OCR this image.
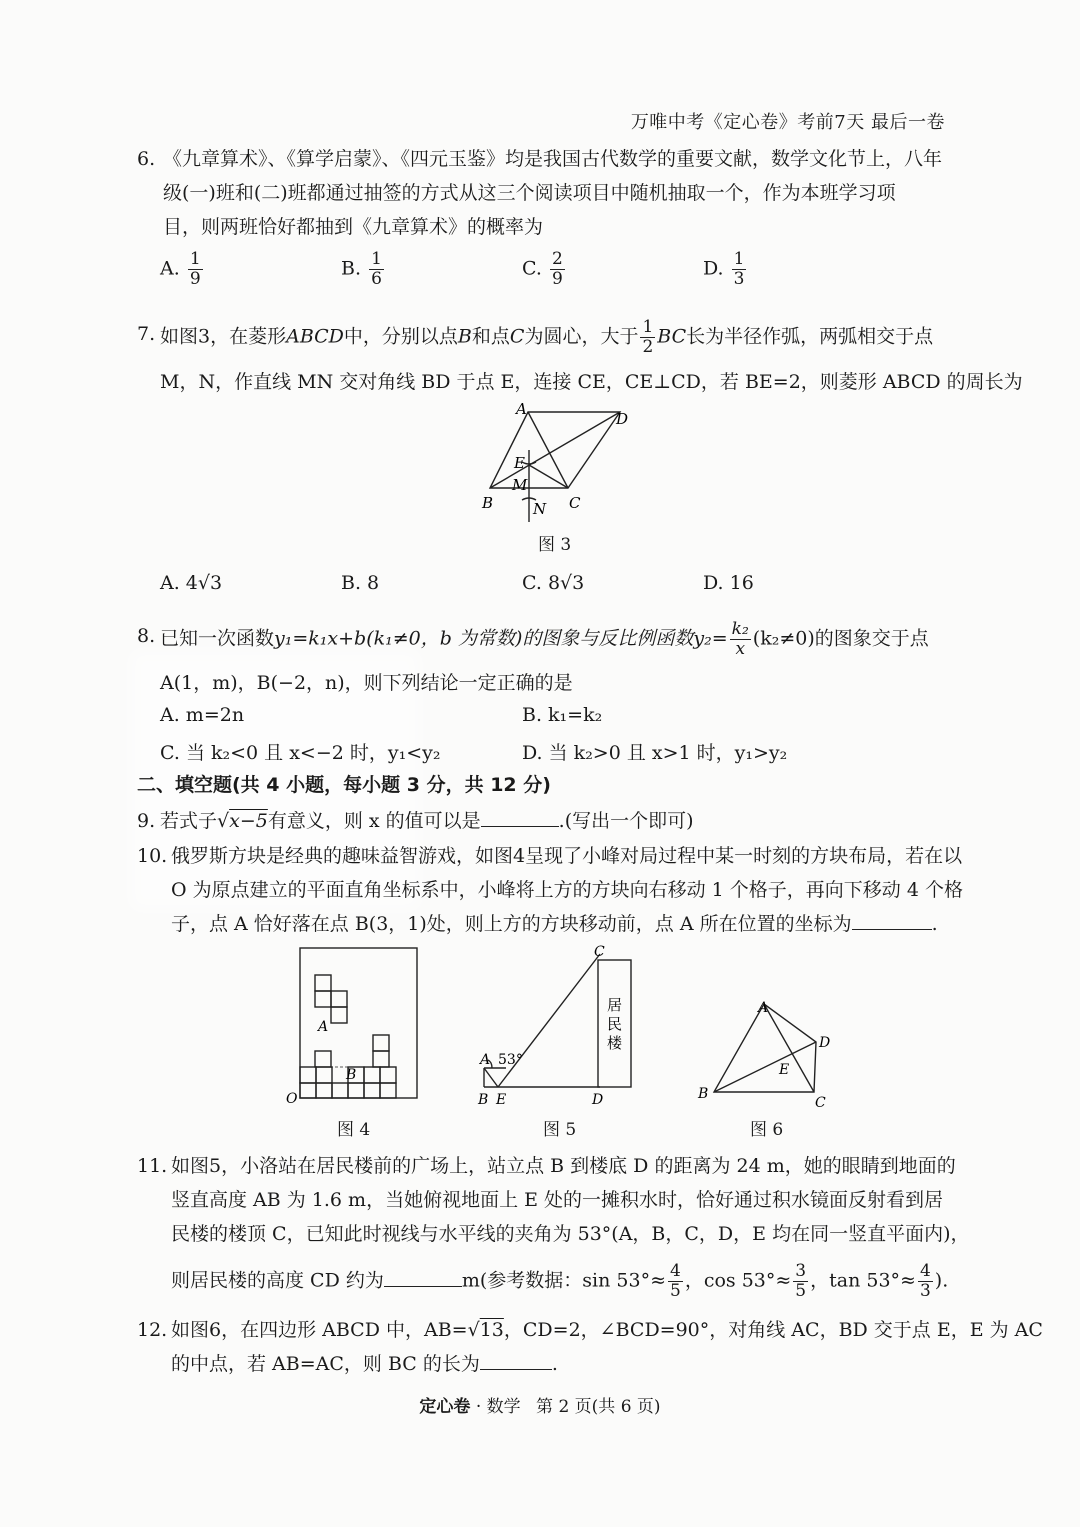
万唯中考《定心卷》考前7天 最后一卷
6. 《九章算术》、《算学启蒙》、《四元玉鉴》均是我国古代数学的重要文献，数学文化节上，八年
级(一)班和(二)班都通过抽签的方式从这三个阅读项目中随机抽取一个，作为本班学习项
目，则两班恰好都抽到《九章算术》的概率为
A. $\frac{1}{9}$	B. $\frac{1}{6}$	C. $\frac{2}{9}$	D. $\frac{1}{3}$
7. 如图3，在菱形ABCD中，分别以点B和点C为圆心，大于 $\frac{1}{2}$ BC长为半径作弧，两弧相交于点
M，N，作直线 MN 交对角线 BD 于点 E，连接 CE，CE⊥CD，若 BE=2，则菱形 ABCD 的周长为
A
D
E
M
B	N C
图 3
A. 4√3	B. 8	C. 8√3	D. 16
8. 已知一次函数y₁=k₁x+b(k₁≠0，b 为常数)的图象与反比例函数$y_2= \frac{\text{k₂}}{x} (k_2\ne 0)$的图象交于点
A(1，m)，B(−2，n)，则下列结论一定正确的是
A. m=2n	B. k₁=k₂
C. 当 k₂<0 且 x<−2 时，y₁<y₂	D. 当 k₂>0 且 x>1 时，y₁>y₂
二、填空题(共 4 小题，每小题 3 分，共 12 分)
9. 若式子√x−5有意义，则 x 的值可以是	.(写出一个即可)
10. 俄罗斯方块是经典的趣味益智游戏，如图4呈现了小峰对局过程中某一时刻的方块布局，若在以
O 为原点建立的平面直角坐标系中，小峰将上方的方块向右移动 1 个格子，再向下移动 4 个格
子，点 A 恰好落在点 B(3，1)处，则上方的方块移动前，点 A 所在位置的坐标为	.
A
B
O
图 4
A 53°
B E	D
C
居
民
楼
图 5
A
D
E
B
C
图 6
11. 如图5，小洛站在居民楼前的广场上，站立点 B 到楼底 D 的距离为 24 m，她的眼睛到地面的
竖直高度 AB 为 1.6 m，当她俯视地面上 E 处的一摊积水时，恰好通过积水镜面反射看到居
民楼的楼顶 C，已知此时视线与水平线的夹角为 53°(A，B，C，D，E 均在同一竖直平面内)，
则居民楼的高度 CD 约为	m(参考数据：$\sin 53^\circ\approx \frac{4}{5}$ ，$\cos 53^\circ\approx \frac{3}{5}$ ，$\tan 53^\circ\approx \frac{4}{3}$ ).
12. 如图6，在四边形 ABCD 中，AB=√13，CD=2，∠BCD=90°，对角线 AC，BD 交于点 E，E 为 AC
的中点，若 AB=AC，则 BC 的长为	.
定心卷 · 数学 第 2 页(共 6 页)
